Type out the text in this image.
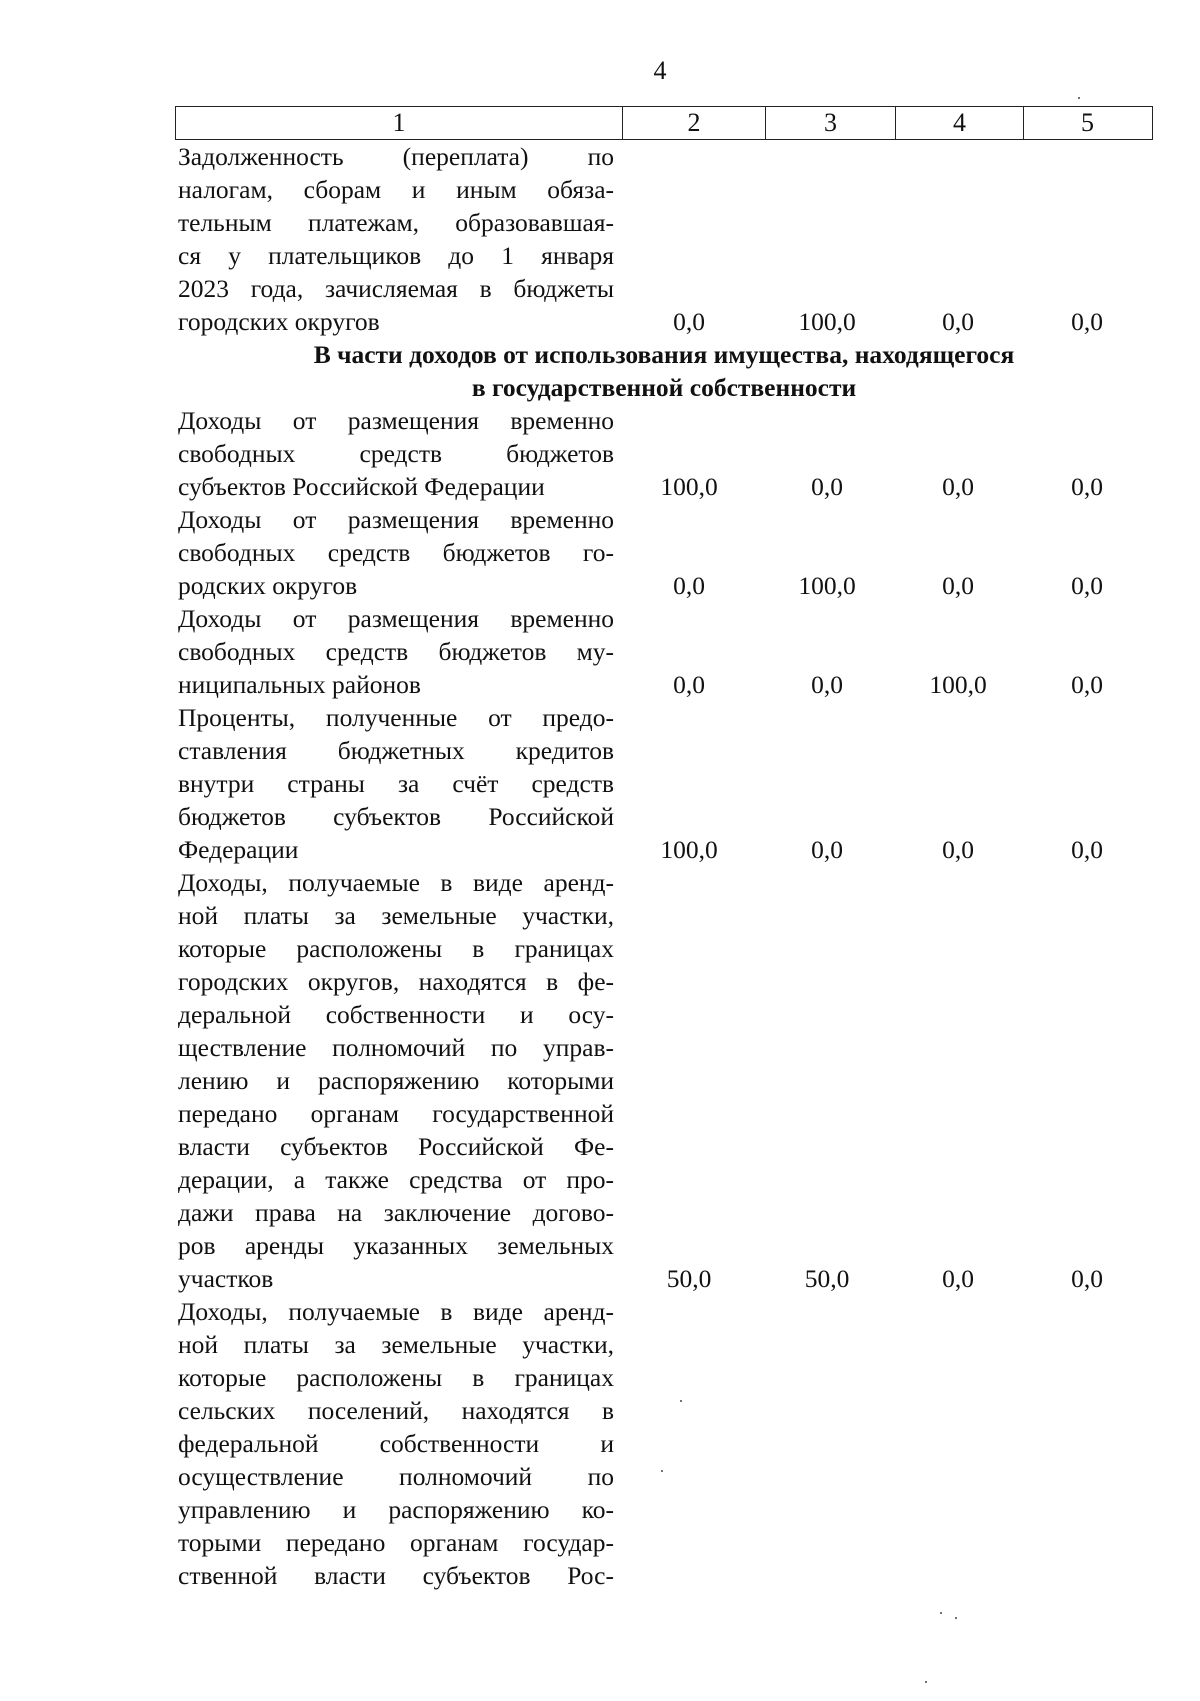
4
1	2	3	4	5
Задолженность (переплата) по
налогам, сборам и иным обяза-
тельным платежам, образовавшая-
ся у плательщиков до 1 января
2023 года, зачисляемая в бюджеты
городских округов	0,0	100,0	0,0	0,0
В части доходов от использования имущества, находящегося
в государственной собственности
Доходы от размещения временно
свободных средств бюджетов
субъектов Российской Федерации	100,0	0,0	0,0	0,0
Доходы от размещения временно
свободных средств бюджетов го-
родских округов	0,0	100,0	0,0	0,0
Доходы от размещения временно
свободных средств бюджетов му-
ниципальных районов	0,0	0,0	100,0	0,0
Проценты, полученные от предо-
ставления бюджетных кредитов
внутри страны за счёт средств
бюджетов субъектов Российской
Федерации	100,0	0,0	0,0	0,0
Доходы, получаемые в виде аренд-
ной платы за земельные участки,
которые расположены в границах
городских округов, находятся в фе-
деральной собственности и осу-
ществление полномочий по управ-
лению и распоряжению которыми
передано органам государственной
власти субъектов Российской Фе-
дерации, а также средства от про-
дажи права на заключение догово-
ров аренды указанных земельных
участков	50,0	50,0	0,0	0,0
Доходы, получаемые в виде аренд-
ной платы за земельные участки,
которые расположены в границах
сельских поселений, находятся в
федеральной собственности и
осуществление полномочий по
управлению и распоряжению ко-
торыми передано органам государ-
ственной власти субъектов Рос-
